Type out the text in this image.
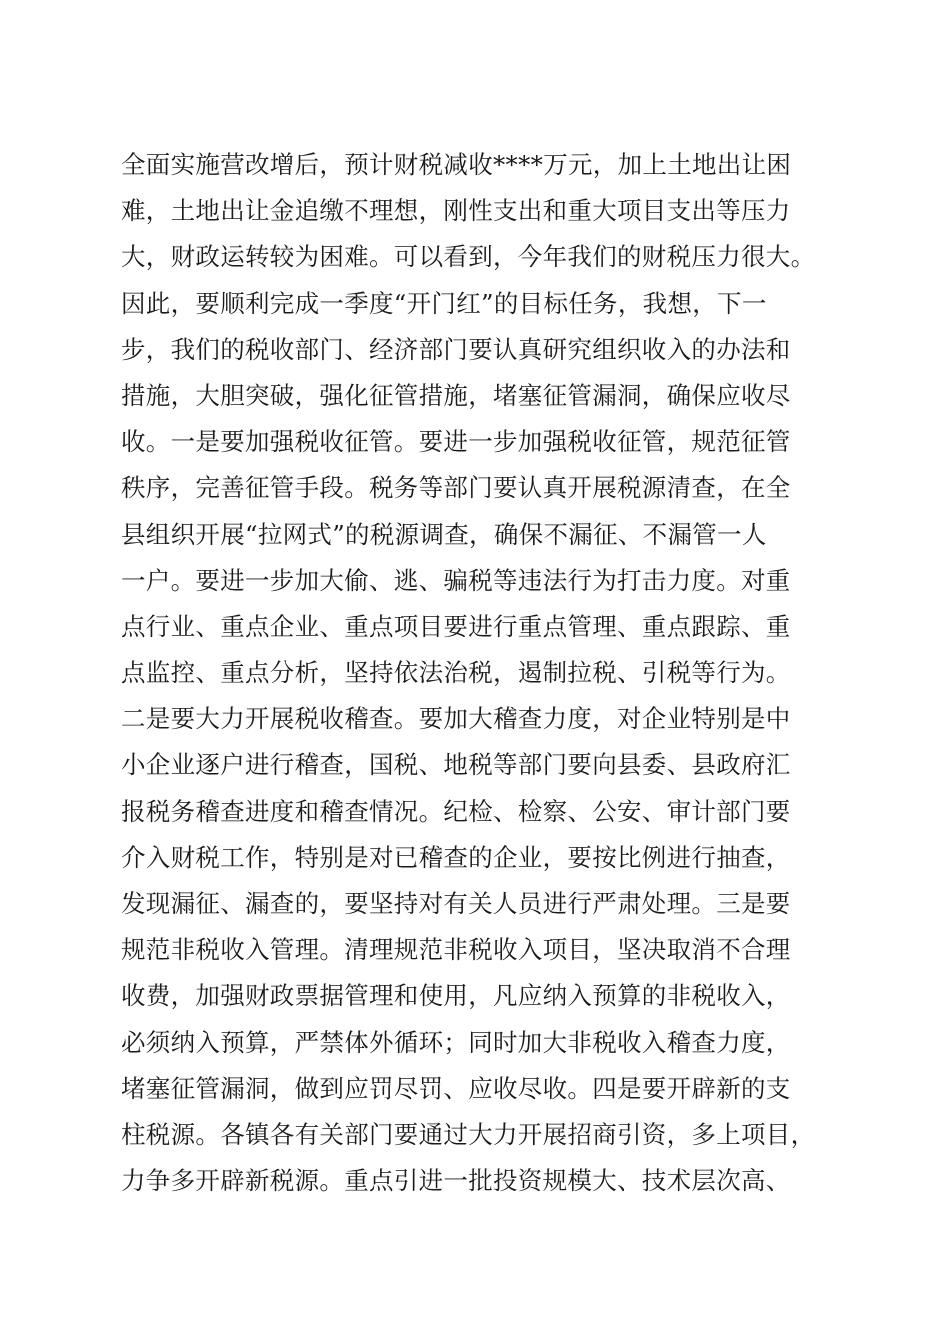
全面实施营改增后，预计财税减收****万元，加上土地出让困
难，土地出让金追缴不理想，刚性支出和重大项目支出等压力
大，财政运转较为困难。可以看到，今年我们的财税压力很大。
因此，要顺利完成一季度“开门红”的目标任务，我想，下一
步，我们的税收部门、经济部门要认真研究组织收入的办法和
措施，大胆突破，强化征管措施，堵塞征管漏洞，确保应收尽
收。一是要加强税收征管。要进一步加强税收征管，规范征管
秩序，完善征管手段。税务等部门要认真开展税源清查，在全
县组织开展“拉网式”的税源调查，确保不漏征、不漏管一人
一户。要进一步加大偷、逃、骗税等违法行为打击力度。对重
点行业、重点企业、重点项目要进行重点管理、重点跟踪、重
点监控、重点分析，坚持依法治税，遏制拉税、引税等行为。
二是要大力开展税收稽查。要加大稽查力度，对企业特别是中
小企业逐户进行稽查，国税、地税等部门要向县委、县政府汇
报税务稽查进度和稽查情况。纪检、检察、公安、审计部门要
介入财税工作，特别是对已稽查的企业，要按比例进行抽查，
发现漏征、漏查的，要坚持对有关人员进行严肃处理。三是要
规范非税收入管理。清理规范非税收入项目，坚决取消不合理
收费，加强财政票据管理和使用，凡应纳入预算的非税收入，
必须纳入预算，严禁体外循环；同时加大非税收入稽查力度，
堵塞征管漏洞，做到应罚尽罚、应收尽收。四是要开辟新的支
柱税源。各镇各有关部门要通过大力开展招商引资，多上项目，
力争多开辟新税源。重点引进一批投资规模大、技术层次高、
